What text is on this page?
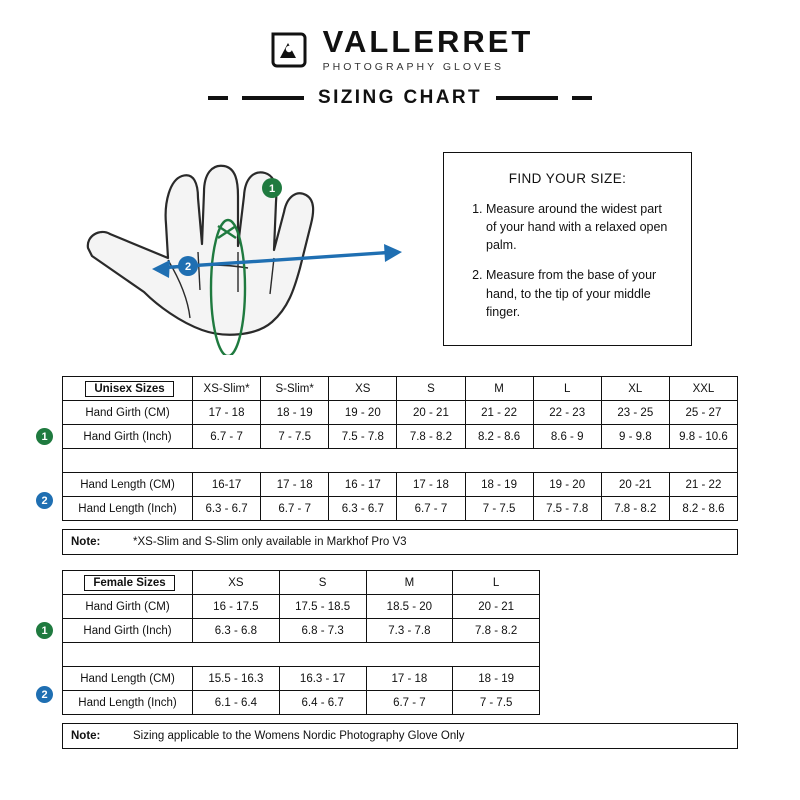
VALLERRET
PHOTOGRAPHY GLOVES
SIZING CHART
1
2
FIND YOUR SIZE:
1. Measure around the widest part of your hand with a relaxed open palm.
2. Measure from the base of your hand, to the tip of your middle finger.
1
2
Unisex Sizes	XS-Slim*	S-Slim*	XS	S	M	L	XL	XXL
Hand Girth (CM)	17 - 18	18 - 19	19 - 20	20 - 21	21 - 22	22 - 23	23 - 25	25 - 27
Hand Girth (Inch)	6.7 - 7	7 - 7.5	7.5 - 7.8	7.8 - 8.2	8.2 - 8.6	8.6 - 9	9 - 9.8	9.8 - 10.6

Hand Length (CM)	16-17	17 - 18	16 - 17	17 - 18	18 - 19	19 - 20	20 -21	21 - 22
Hand Length (Inch)	6.3 - 6.7	6.7 - 7	6.3 - 6.7	6.7 - 7	7 - 7.5	7.5 - 7.8	7.8 - 8.2	8.2 - 8.6
Note:	*XS-Slim and S-Slim only available in Markhof Pro V3
1
2
Female Sizes	XS	S	M	L
Hand Girth (CM)	16 - 17.5	17.5 - 18.5	18.5 - 20	20 - 21
Hand Girth (Inch)	6.3 - 6.8	6.8 - 7.3	7.3 - 7.8	7.8 - 8.2

Hand Length (CM)	15.5 - 16.3	16.3 - 17	17 - 18	18 - 19
Hand Length (Inch)	6.1 - 6.4	6.4 - 6.7	6.7 - 7	7 - 7.5
Note:	Sizing applicable to the Womens Nordic Photography Glove Only
